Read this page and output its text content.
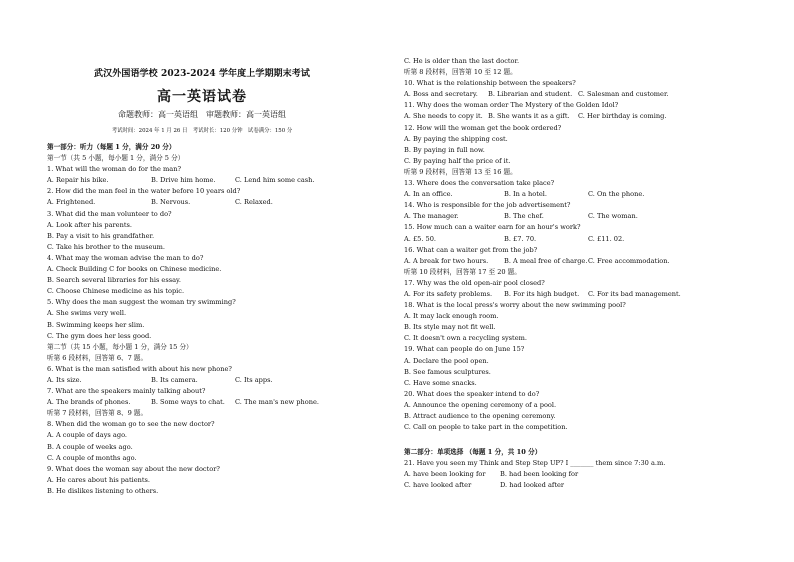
武汉外国语学校 2023-2024 学年度上学期期末考试
高一英语试卷
命题教师：高一英语组　审题教师：高一英语组
考试时间：2024 年 1 月 26 日　考试时长：120 分钟　试卷满分：150 分
第一部分：听力（每题 1 分，满分 20 分）
第一节（共 5 小题，每小题 1 分，满分 5 分）
1. What will the woman do for the man?
A. Repair his bike.	B. Drive him home.	C. Lend him some cash.
2. How did the man feel in the water before 10 years old?
A. Frightened.	B. Nervous.	C. Relaxed.
3. What did the man volunteer to do?
A. Look after his parents.
B. Pay a visit to his grandfather.
C. Take his brother to the museum.
4. What may the woman advise the man to do?
A. Check Building C for books on Chinese medicine.
B. Search several libraries for his essay.
C. Choose Chinese medicine as his topic.
5. Why does the man suggest the woman try swimming?
A. She swims very well.
B. Swimming keeps her slim.
C. The gym does her less good.
第二节（共 15 小题，每小题 1 分，满分 15 分）
听第 6 段材料，回答第 6、7 题。
6. What is the man satisfied with about his new phone?
A. Its size.	B. Its camera.	C. Its apps.
7. What are the speakers mainly talking about?
A. The brands of phones.	B. Some ways to chat. C. The man's new phone.
听第 7 段材料，回答第 8、9 题。
8. When did the woman go to see the new doctor?
A. A couple of days ago.
B. A couple of weeks ago.
C. A couple of months ago.
9. What does the woman say about the new doctor?
A. He cares about his patients.
B. He dislikes listening to others.
C. He is older than the last doctor.
听第 8 段材料，回答第 10 至 12 题。
10. What is the relationship between the speakers?
A. Boss and secretary. B. Librarian and student. C. Salesman and customer.
11. Why does the woman order The Mystery of the Golden Idol?
A. She needs to copy it. B. She wants it as a gift. C. Her birthday is coming.
12. How will the woman get the book ordered?
A. By paying the shipping cost.
B. By paying in full now.
C. By paying half the price of it.
听第 9 段材料，回答第 13 至 16 题。
13. Where does the conversation take place?
A. In an office.	B. In a hotel.	C. On the phone.
14. Who is responsible for the job advertisement?
A. The manager.	B. The chef.	C. The woman.
15. How much can a waiter earn for an hour's work?
A. £5. 50.	B. £7. 70.	C. £11. 02.
16. What can a waiter get from the job?
A. A break for two hours. B. A meal free of charge.C. Free accommodation.
听第 10 段材料，回答第 17 至 20 题。
17. Why was the old open-air pool closed?
A. For its safety problems. B. For its high budget. C. For its bad management.
18. What is the local press's worry about the new swimming pool?
A. It may lack enough room.
B. Its style may not fit well.
C. It doesn't own a recycling system.
19. What can people do on June 15?
A. Declare the pool open.
B. See famous sculptures.
C. Have some snacks.
20. What does the speaker intend to do?
A. Announce the opening ceremony of a pool.
B. Attract audience to the opening ceremony.
C. Call on people to take part in the competition.
第二部分：单项选择 （每题 1 分，共 10 分）
21. Have you seen my Think and Step Step UP? I _______ them since 7:30 a.m.
A. have been looking for B. had been looking for
C. have looked after	D. had looked after
